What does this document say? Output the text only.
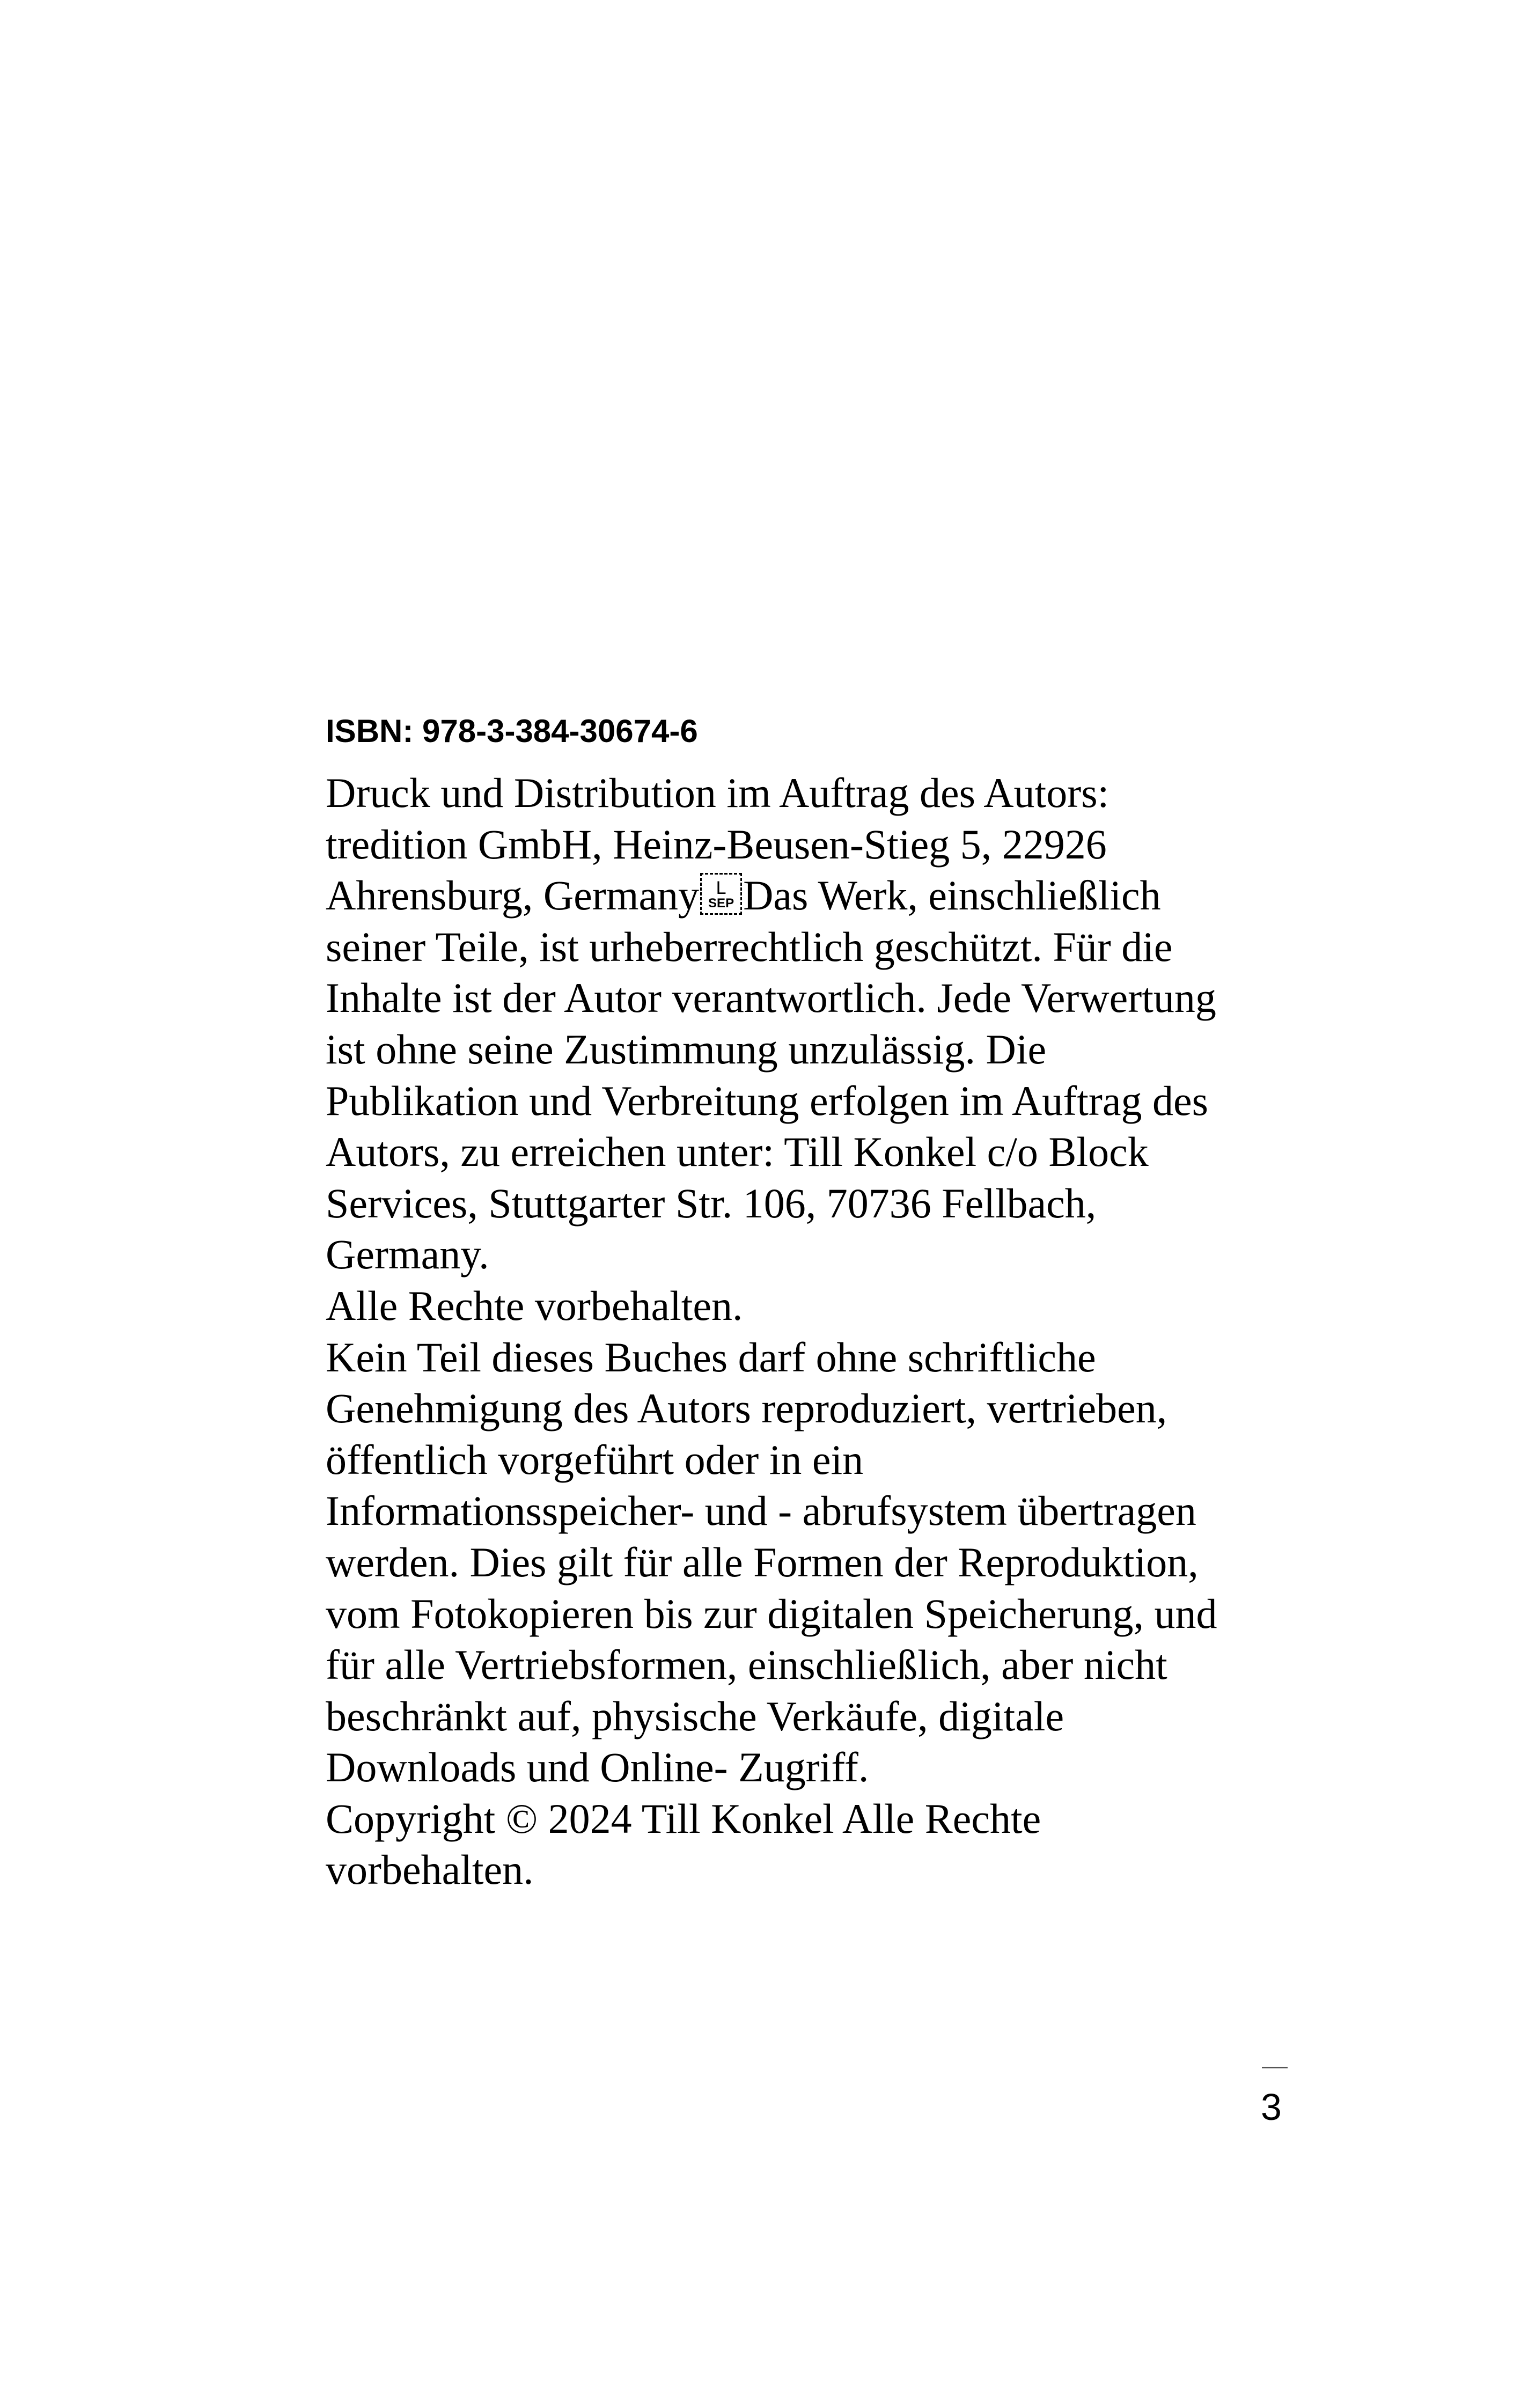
ISBN: 978-3-384-30674-6
Druck und Distribution im Auftrag des Autors:
tredition GmbH, Heinz-Beusen-Stieg 5, 22926
Ahrensburg, Germany L
SEP Das Werk, einschließlich
seiner Teile, ist urheberrechtlich geschützt. Für die
Inhalte ist der Autor verantwortlich. Jede Verwertung
ist ohne seine Zustimmung unzulässig. Die
Publikation und Verbreitung erfolgen im Auftrag des
Autors, zu erreichen unter: Till Konkel c/o Block
Services, Stuttgarter Str. 106, 70736 Fellbach,
Germany.
Alle Rechte vorbehalten.
Kein Teil dieses Buches darf ohne schriftliche
Genehmigung des Autors reproduziert, vertrieben,
öffentlich vorgeführt oder in ein
Informationsspeicher- und - abrufsystem übertragen
werden. Dies gilt für alle Formen der Reproduktion,
vom Fotokopieren bis zur digitalen Speicherung, und
für alle Vertriebsformen, einschließlich, aber nicht
beschränkt auf, physische Verkäufe, digitale
Downloads und Online- Zugriff.
Copyright © 2024 Till Konkel Alle Rechte
vorbehalten.
3
